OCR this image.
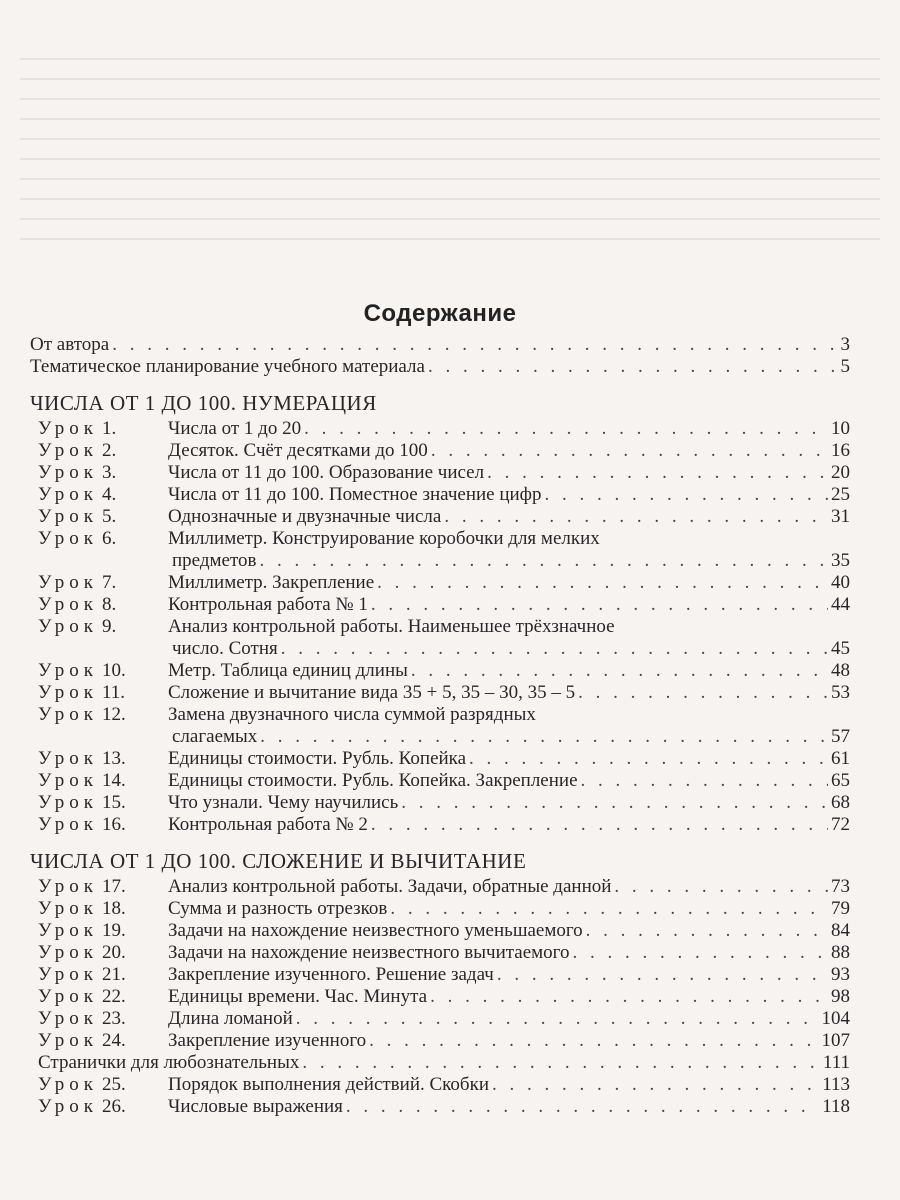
Содержание
От автора . . .	3
Тематическое планирование учебного материала . . .	5
ЧИСЛА ОТ 1 ДО 100. НУМЕРАЦИЯ
Урок 1.	Числа от 1 до 20 . . .	10
Урок 2.	Десяток. Счёт десятками до 100 . . .	16
Урок 3.	Числа от 11 до 100. Образование чисел . . .	20
Урок 4.	Числа от 11 до 100. Поместное значение цифр . . .	25
Урок 5.	Однозначные и двузначные числа . . .	31
Урок 6.	Миллиметр. Конструирование коробочки для мелких
предметов . . .	35
Урок 7.	Миллиметр. Закрепление . . .	40
Урок 8.	Контрольная работа № 1 . . .	44
Урок 9.	Анализ контрольной работы. Наименьшее трёхзначное
число. Сотня . . .	45
Урок 10. Метр. Таблица единиц длины . . .	48
Урок 11. Сложение и вычитание вида 35 + 5, 35 – 30, 35 – 5 . . .	53
Урок 12. Замена двузначного числа суммой разрядных
слагаемых . . .	57
Урок 13. Единицы стоимости. Рубль. Копейка . . .	61
Урок 14. Единицы стоимости. Рубль. Копейка. Закрепление . . .	65
Урок 15. Что узнали. Чему научились . . .	68
Урок 16. Контрольная работа № 2 . . .	72
ЧИСЛА ОТ 1 ДО 100. СЛОЖЕНИЕ И ВЫЧИТАНИЕ
Урок 17. Анализ контрольной работы. Задачи, обратные данной . . .	73
Урок 18. Сумма и разность отрезков . . .	79
Урок 19. Задачи на нахождение неизвестного уменьшаемого . . .	84
Урок 20. Задачи на нахождение неизвестного вычитаемого . . .	88
Урок 21. Закрепление изученного. Решение задач . . .	93
Урок 22. Единицы времени. Час. Минута . . .	98
Урок 23. Длина ломаной . . .	104
Урок 24. Закрепление изученного . . .	107
Странички для любознательных . . .	111
Урок 25. Порядок выполнения действий. Скобки . . .	113
Урок 26. Числовые выражения . . .	118
